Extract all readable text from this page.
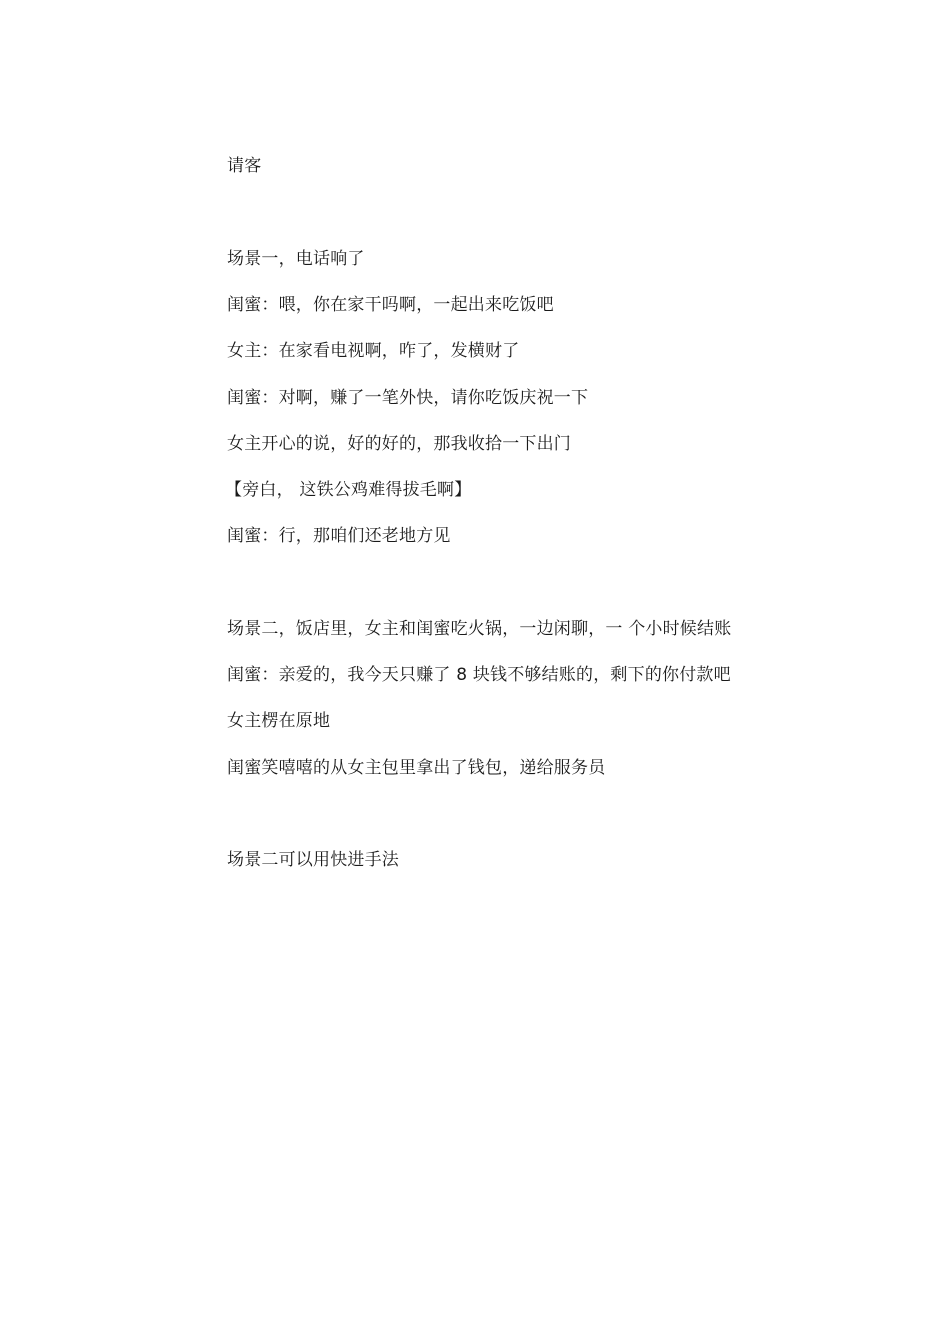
请客
场景一，电话响了
闺蜜：喂，你在家干吗啊，一起出来吃饭吧
女主：在家看电视啊，咋了，发横财了
闺蜜：对啊，赚了一笔外快，请你吃饭庆祝一下
女主开心的说，好的好的，那我收拾一下出门
【旁白， 这铁公鸡难得拔毛啊】
闺蜜：行，那咱们还老地方见
场景二，饭店里，女主和闺蜜吃火锅，一边闲聊，一 个小时候结账
闺蜜：亲爱的，我今天只赚了 8 块钱不够结账的，剩下的你付款吧
女主楞在原地
闺蜜笑嘻嘻的从女主包里拿出了钱包，递给服务员
场景二可以用快进手法
